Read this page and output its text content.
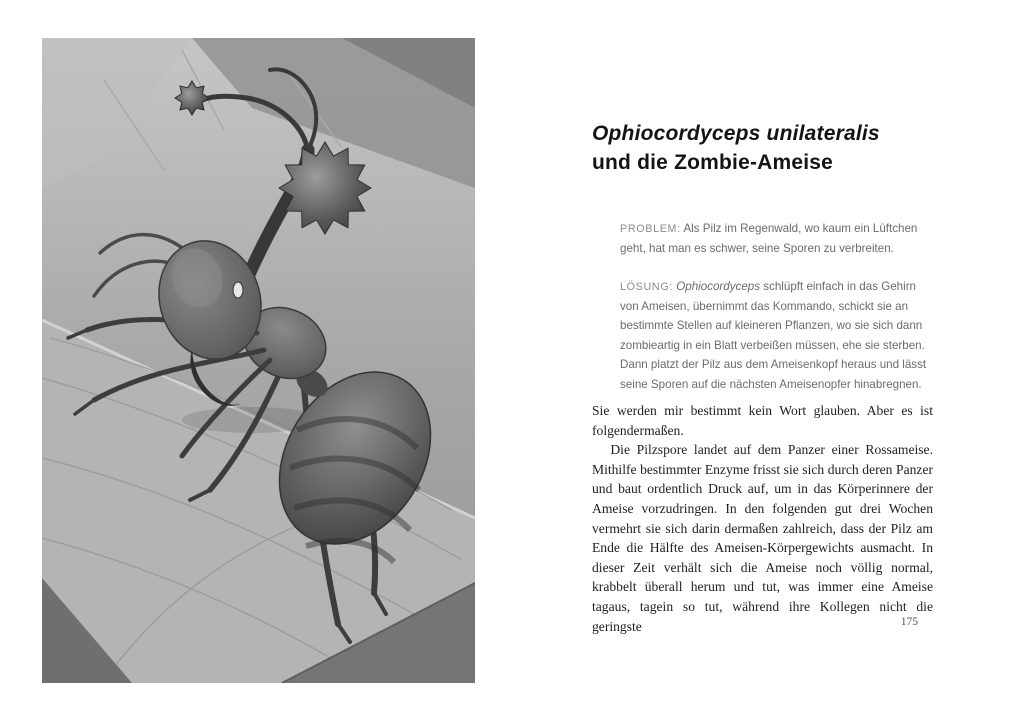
Ophiocordyceps unilateralis
und die Zombie-Ameise

PROBLEM: Als Pilz im Regenwald, wo kaum ein Lüftchen geht, hat man es schwer, seine Sporen zu verbreiten.

LÖSUNG: Ophiocordyceps schlüpft einfach in das Gehirn von Ameisen, übernimmt das Kommando, schickt sie an bestimmte Stellen auf kleineren Pflanzen, wo sie sich dann zombieartig in ein Blatt verbeißen müssen, ehe sie sterben. Dann platzt der Pilz aus dem Ameisenkopf heraus und lässt seine Sporen auf die nächsten Ameisenopfer hinabregnen.

Sie werden mir bestimmt kein Wort glauben. Aber es ist folgendermaßen.

Die Pilzspore landet auf dem Panzer einer Rossameise. Mithilfe bestimmter Enzyme frisst sie sich durch deren Panzer und baut ordentlich Druck auf, um in das Körperinnere der Ameise vorzudringen. In den folgenden gut drei Wochen vermehrt sie sich darin dermaßen zahlreich, dass der Pilz am Ende die Hälfte des Ameisen-Körpergewichts ausmacht. In dieser Zeit verhält sich die Ameise noch völlig normal, krabbelt überall herum und tut, was immer eine Ameise tagaus, tagein so tut, während ihre Kollegen nicht die geringste	175
